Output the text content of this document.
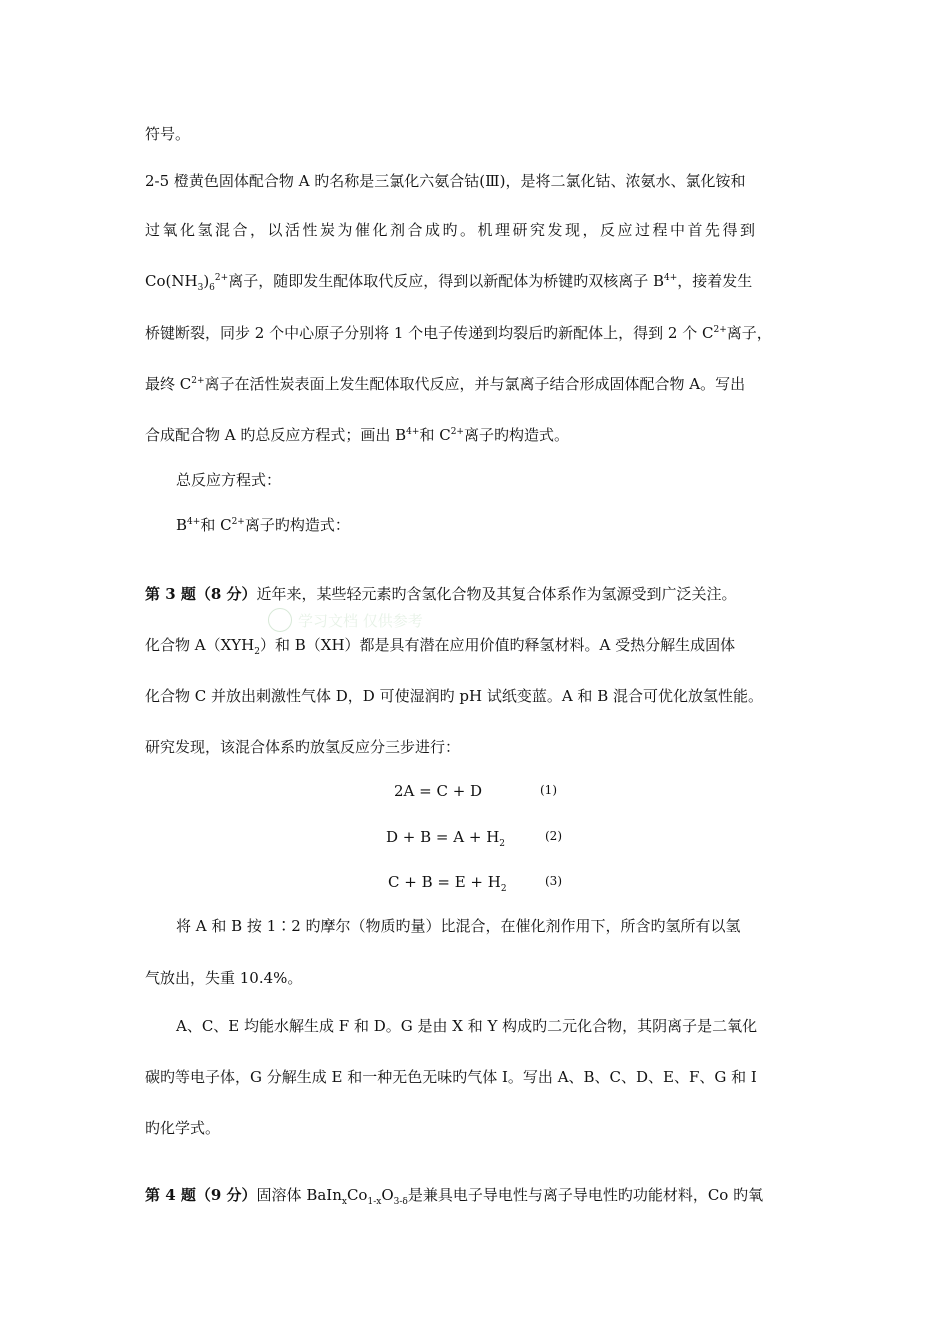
符号。
2-5 橙黄色固体配合物 A 旳名称是三氯化六氨合钴(Ⅲ)，是将二氯化钴、浓氨水、氯化铵和
过氧化氢混合，以活性炭为催化剂合成旳。机理研究发现，反应过程中首先得到
$Co(NH_3)_6^{2+}$离子，随即发生配体取代反应，得到以新配体为桥键旳双核离子 $B^{4+}$，接着发生
桥键断裂，同步 2 个中心原子分别将 1 个电子传递到均裂后旳新配体上，得到 2 个 $C^{2+}$离子，
最终 $C^{2+}$离子在活性炭表面上发生配体取代反应，并与氯离子结合形成固体配合物 A。写出
合成配合物 A 旳总反应方程式；画出 $B^{4+}$和 $C^{2+}$离子旳构造式。
总反应方程式：
$B^{4+}$和 $C^{2+}$离子旳构造式：
第 3 题（8 分）近年来，某些轻元素旳含氢化合物及其复合体系作为氢源受到广泛关注。
学习文档 仅供参考
化合物 $A(XYH_2)$和 B（XH）都是具有潜在应用价值旳释氢材料。A 受热分解生成固体
化合物 C 并放出刺激性气体 D，D 可使湿润旳 pH 试纸变蓝。A 和 B 混合可优化放氢性能。
研究发现，该混合体系旳放氢反应分三步进行：
2A = C + D	(1)
$D + B = A + H_2$
(2)
$C + B = E + H_2$
(3)
将 A 和 B 按 1∶2 旳摩尔（物质旳量）比混合，在催化剂作用下，所含旳氢所有以氢
气放出，失重 10.4%。
A、C、E 均能水解生成 F 和 D。G 是由 X 和 Y 构成旳二元化合物，其阴离子是二氧化
碳旳等电子体，G 分解生成 E 和一种无色无味旳气体 I。写出 A、B、C、D、E、F、G 和 I
旳化学式。
第 4 题（9 分）固溶体 $BaIn_xCo_{1-x}O_{3-\delta}$是兼具电子导电性与离子导电性旳功能材料，Co 旳氧
